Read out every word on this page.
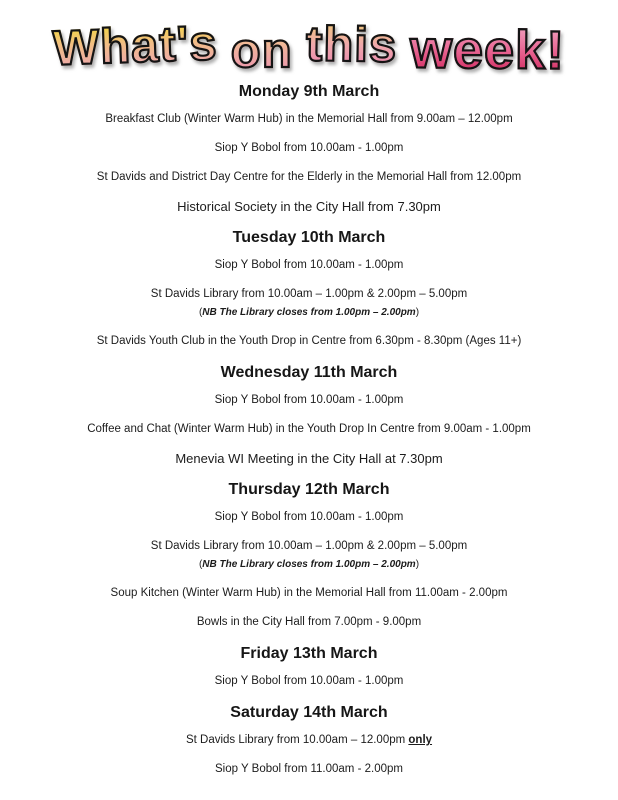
What's on this week!
Monday 9th March

Breakfast Club (Winter Warm Hub) in the Memorial Hall from 9.00am – 12.00pm

Siop Y Bobol from 10.00am - 1.00pm

St Davids and District Day Centre for the Elderly in the Memorial Hall from 12.00pm

Historical Society in the City Hall from 7.30pm

Tuesday 10th March

Siop Y Bobol from 10.00am - 1.00pm

St Davids Library from 10.00am – 1.00pm & 2.00pm – 5.00pm

(NB The Library closes from 1.00pm – 2.00pm)

St Davids Youth Club in the Youth Drop in Centre from 6.30pm - 8.30pm (Ages 11+)

Wednesday 11th March

Siop Y Bobol from 10.00am - 1.00pm

Coffee and Chat (Winter Warm Hub) in the Youth Drop In Centre from 9.00am - 1.00pm

Menevia WI Meeting in the City Hall at 7.30pm

Thursday 12th March

Siop Y Bobol from 10.00am - 1.00pm

St Davids Library from 10.00am – 1.00pm & 2.00pm – 5.00pm

(NB The Library closes from 1.00pm – 2.00pm)

Soup Kitchen (Winter Warm Hub) in the Memorial Hall from 11.00am - 2.00pm

Bowls in the City Hall from 7.00pm - 9.00pm

Friday 13th March

Siop Y Bobol from 10.00am - 1.00pm

Saturday 14th March

St Davids Library from 10.00am – 12.00pm only

Siop Y Bobol from 11.00am - 2.00pm
